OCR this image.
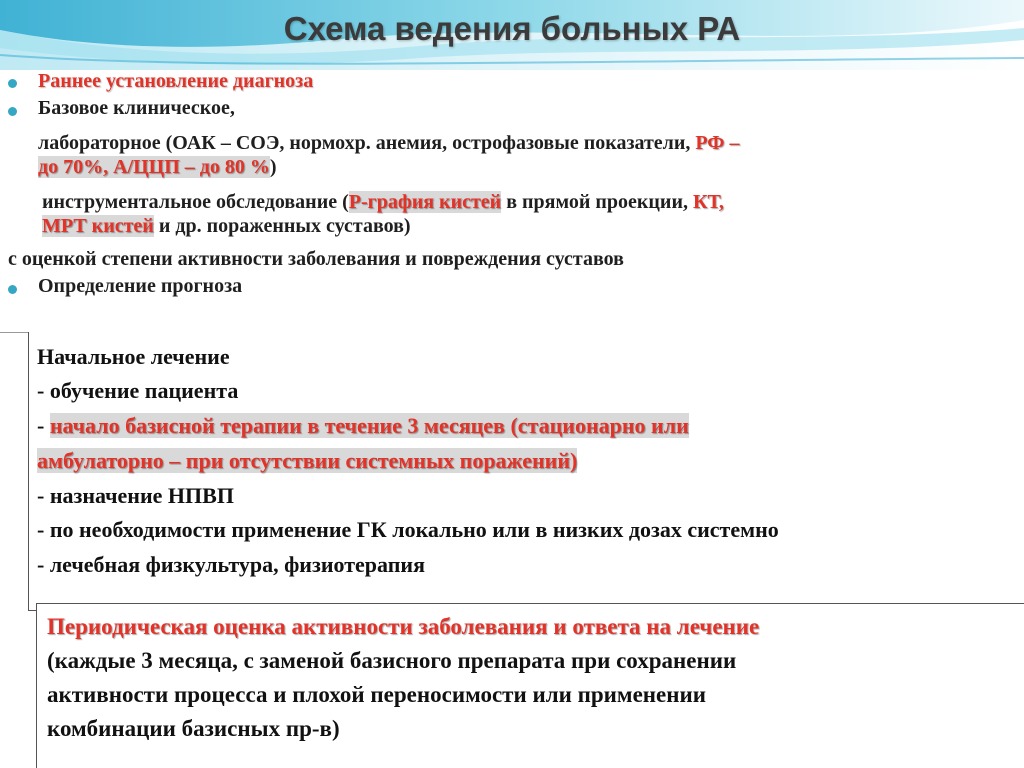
Схема ведения больных РА
Раннее установление диагноза
Базовое клиническое,
лабораторное (ОАК – СОЭ, нормохр. анемия, острофазовые показатели, РФ –
до 70%, А/ЦЦП – до 80 %)
инструментальное обследование (Р-графия кистей в прямой проекции, КТ,
МРТ кистей и др. пораженных суставов)
с оценкой степени активности заболевания и повреждения суставов
Определение прогноза
Начальное лечение
- обучение пациента
- начало базисной терапии в течение 3 месяцев (стационарно или
амбулаторно – при отсутствии системных поражений)
- назначение НПВП
- по необходимости применение ГК локально или в низких дозах системно
- лечебная физкультура, физиотерапия
Периодическая оценка активности заболевания и ответа на лечение
(каждые 3 месяца, с заменой базисного препарата при сохранении
активности процесса и плохой переносимости или применении
комбинации базисных пр-в)
